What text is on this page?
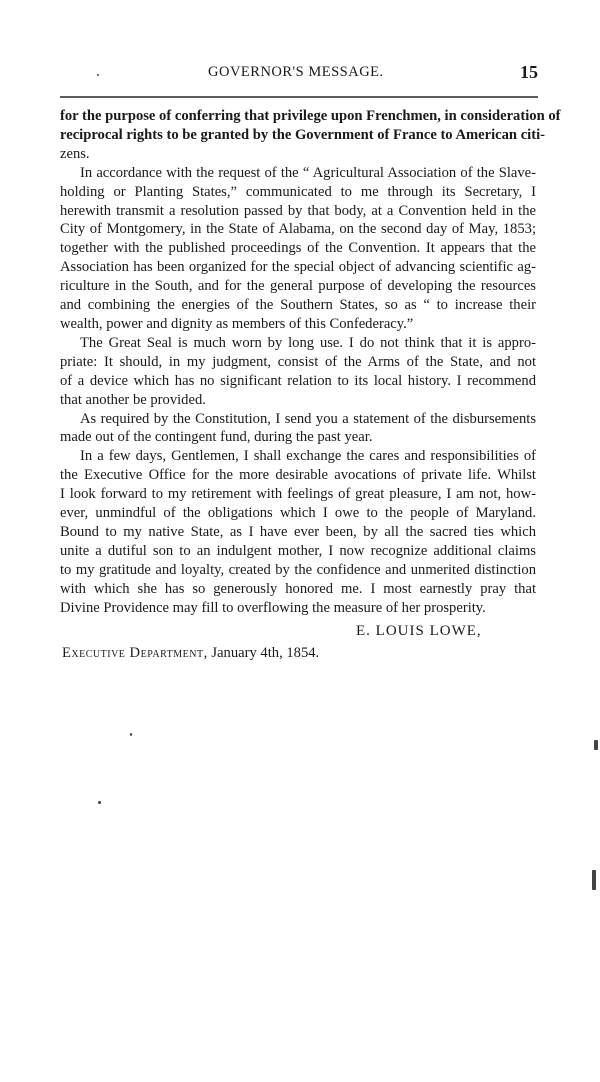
GOVERNOR'S MESSAGE.	15
for the purpose of conferring that privilege upon Frenchmen, in consideration of
reciprocal rights to be granted by the Government of France to American citi-
zens.
In accordance with the request of the “ Agricultural Association of the Slave-
holding or Planting States,” communicated to me through its Secretary, I
herewith transmit a resolution passed by that body, at a Convention held in the
City of Montgomery, in the State of Alabama, on the second day of May, 1853;
together with the published proceedings of the Convention. It appears that the
Association has been organized for the special object of advancing scientific ag-
riculture in the South, and for the general purpose of developing the resources
and combining the energies of the Southern States, so as “ to increase their
wealth, power and dignity as members of this Confederacy.”
The Great Seal is much worn by long use. I do not think that it is appro-
priate: It should, in my judgment, consist of the Arms of the State, and not
of a device which has no significant relation to its local history. I recommend
that another be provided.
As required by the Constitution, I send you a statement of the disbursements
made out of the contingent fund, during the past year.
In a few days, Gentlemen, I shall exchange the cares and responsibilities of
the Executive Office for the more desirable avocations of private life. Whilst
I look forward to my retirement with feelings of great pleasure, I am not, how-
ever, unmindful of the obligations which I owe to the people of Maryland.
Bound to my native State, as I have ever been, by all the sacred ties which
unite a dutiful son to an indulgent mother, I now recognize additional claims
to my gratitude and loyalty, created by the confidence and unmerited distinction
with which she has so generously honored me. I most earnestly pray that
Divine Providence may fill to overflowing the measure of her prosperity.
E. LOUIS LOWE,
Executive Department, January 4th, 1854.
